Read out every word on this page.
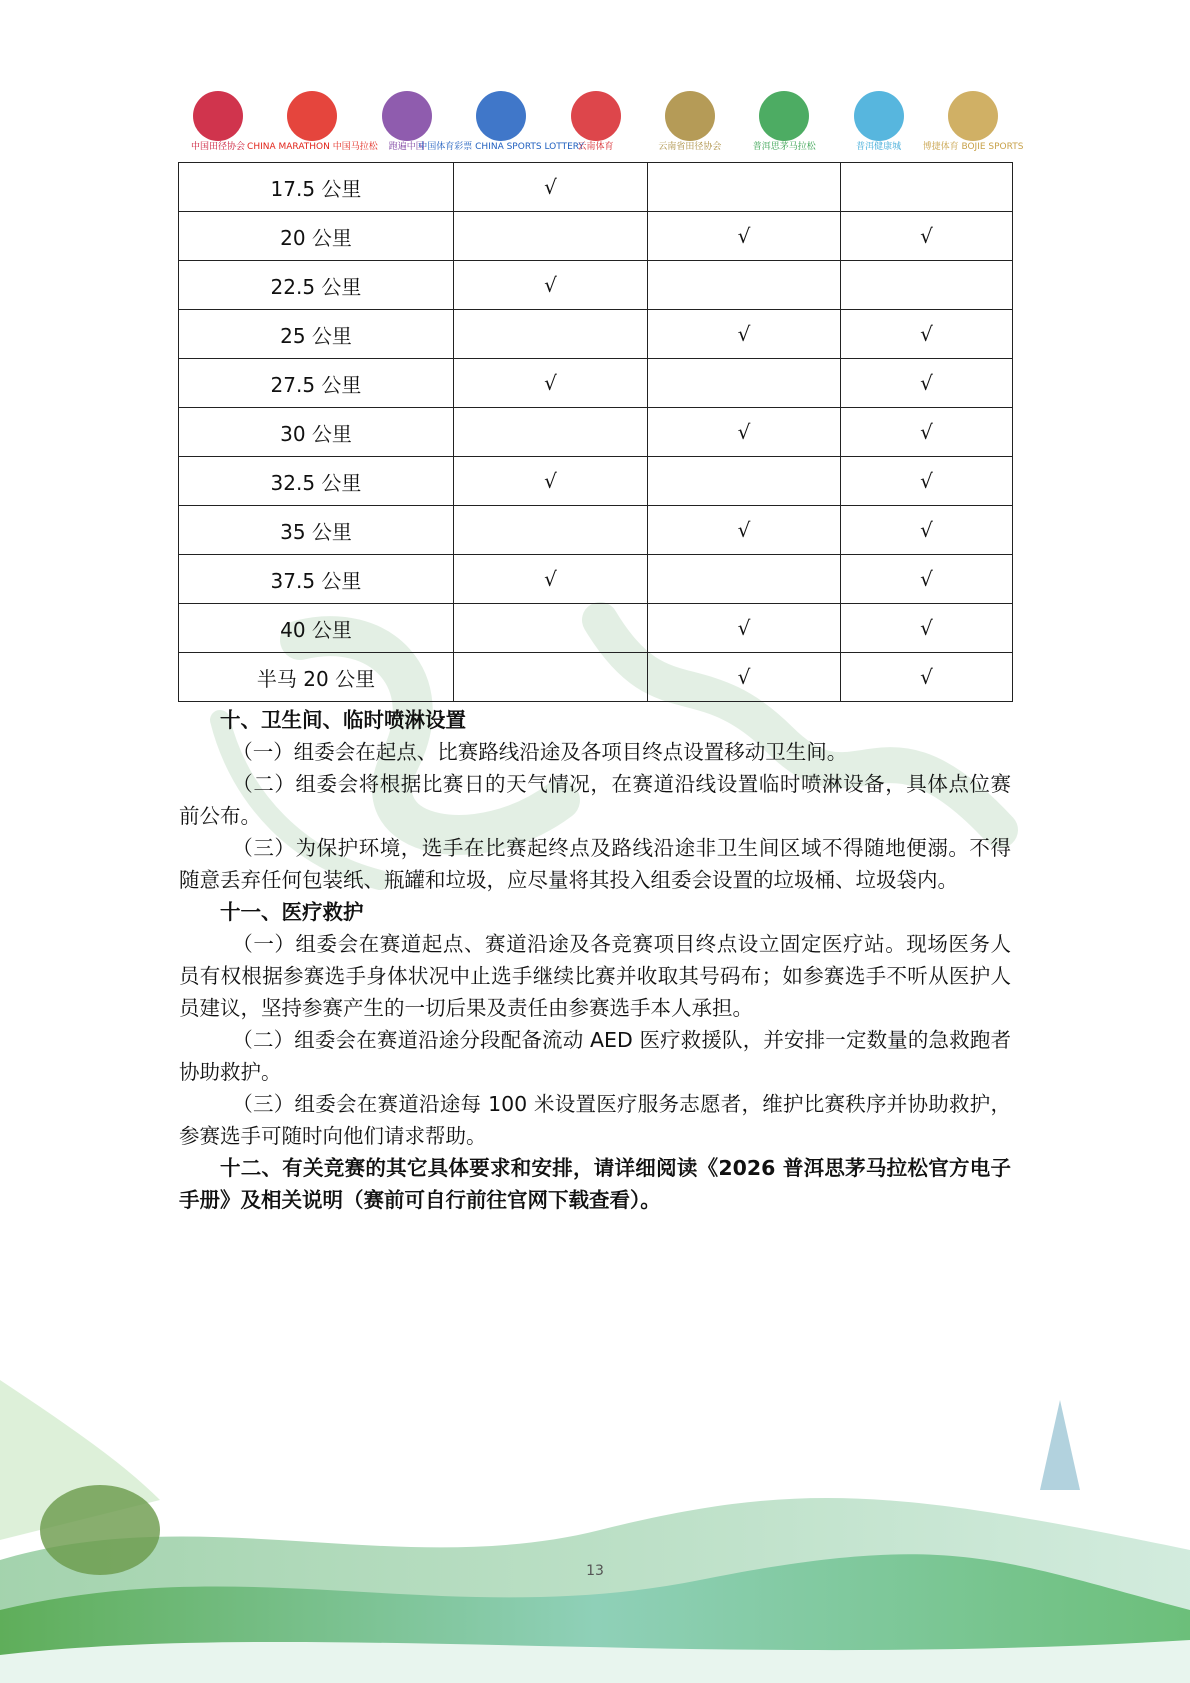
中国田径协会 CHINA MARATHON 中国马拉松 跑遍中国
中国体育彩票 CHINA SPORTS LOTTERY
云南体育	云南省田径协会	普洱思茅马拉松	普洱健康城 博捷体育 BOJIE SPORTS
17.5 公里	√		
20 公里		√	√
22.5 公里	√		
25 公里		√	√
27.5 公里	√		√
30 公里		√	√
32.5 公里	√		√
35 公里		√	√
37.5 公里	√		√
40 公里		√	√
半马 20 公里		√	√

十、卫生间、临时喷淋设置

（一）组委会在起点、比赛路线沿途及各项目终点设置移动卫生间。

（二）组委会将根据比赛日的天气情况，在赛道沿线设置临时喷淋设备，具体点位赛前公布。

（三）为保护环境，选手在比赛起终点及路线沿途非卫生间区域不得随地便溺。不得随意丢弃任何包装纸、瓶罐和垃圾，应尽量将其投入组委会设置的垃圾桶、垃圾袋内。

十一、医疗救护

（一）组委会在赛道起点、赛道沿途及各竞赛项目终点设立固定医疗站。现场医务人员有权根据参赛选手身体状况中止选手继续比赛并收取其号码布；如参赛选手不听从医护人员建议，坚持参赛产生的一切后果及责任由参赛选手本人承担。

（二）组委会在赛道沿途分段配备流动 AED 医疗救援队，并安排一定数量的急救跑者协助救护。

（三）组委会在赛道沿途每 100 米设置医疗服务志愿者，维护比赛秩序并协助救护，参赛选手可随时向他们请求帮助。

十二、有关竞赛的其它具体要求和安排，请详细阅读《2026 普洱思茅马拉松官方电子手册》及相关说明（赛前可自行前往官网下载查看）。

13
